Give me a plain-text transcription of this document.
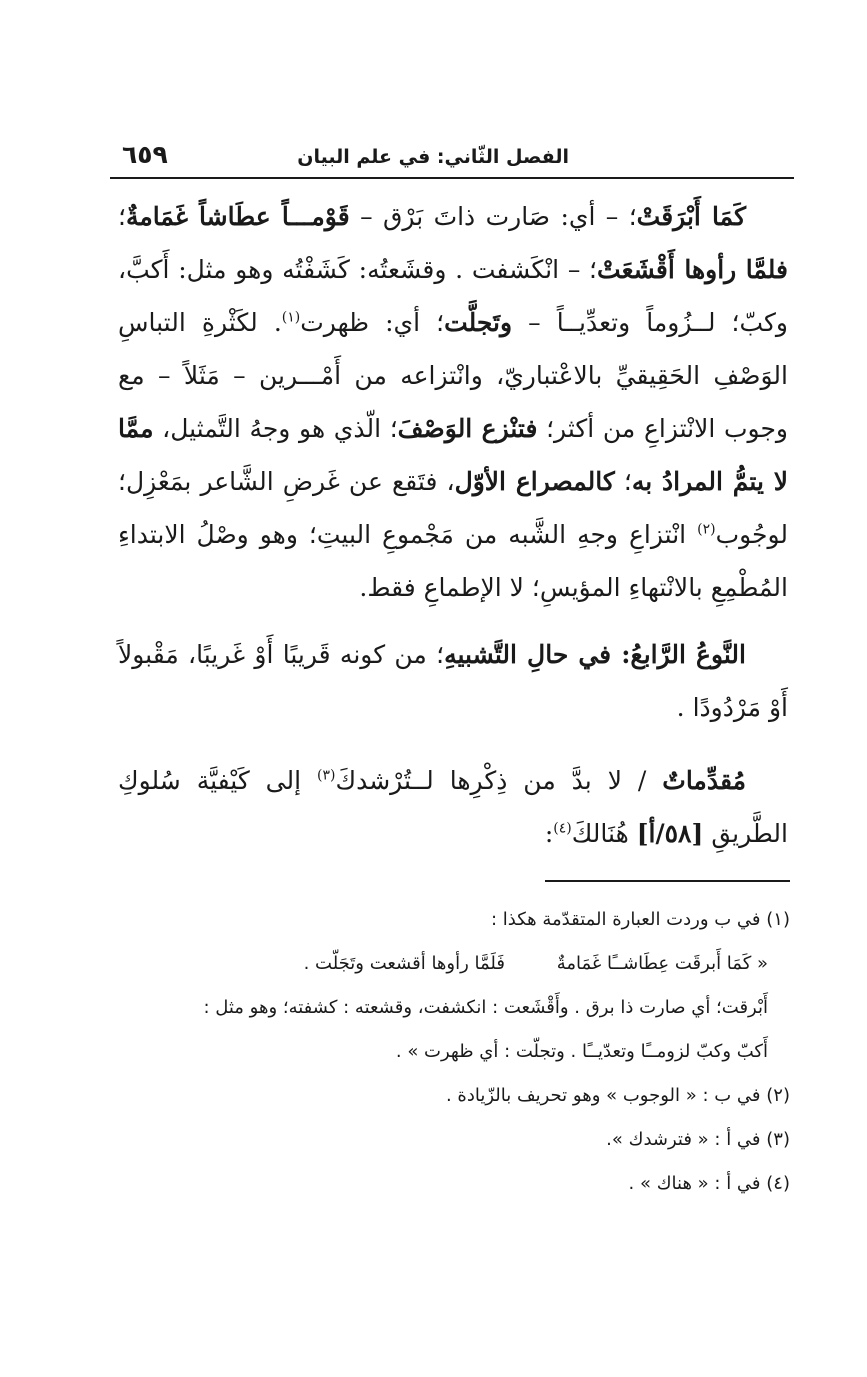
الفصل الثّاني: في علم البيان
٦٥٩

كَمَا أَبْرَقَتْ؛ – أي: صَارت ذاتَ بَرْق – قَوْمـــاً عطَاشاً غَمَامةٌ؛ فلمَّا رأوها أَقْشَعَتْ؛ – انْكَشفت . وقشَعتُه: كَشَفْتُه وهو مثل: أَكبَّ، وكبّ؛ لــزُوماً وتعدِّيــاً – وتَجلَّت؛ أي: ظهرت$^{(١)}$. لكَثْرةِ التباسِ الوَصْفِ الحَقِيقيِّ بالاعْتباريّ، وانْتزاعه من أَمْـــرين – مَثَلاً – مع وجوب الانْتزاعِ من أكثر؛ فتنْزع الوَصْفَ؛ الّذي هو وجهُ التَّمثيل، ممَّا لا يتمُّ المرادُ به؛ كالمصراع الأوّل، فتَقع عن غَرضِ الشَّاعر بمَعْزِل؛ لوجُوب$^{(٢)}$ انْتزاعِ وجهِ الشَّبه من مَجْموعِ البيتِ؛ وهو وصْلُ الابتداءِ المُطْمِعِ بالانْتهاءِ المؤيسِ؛ لا الإطماعِ فقط.

النَّوعُ الرَّابعُ: في حالِ التَّشبيهِ؛ من كونه قَريبًا أَوْ غَريبًا، مَقْبولاً أَوْ مَرْدُودًا .

مُقدِّماتٌ / لا بدَّ من ذِكْرِها لــتُرْشدكَ$^{(٣)}$ إلى كَيْفيَّة سُلوكِ الطَّريقِ[٥٨/أ] هُنَالكَ$^{(٤)}$:

(١) في ب وردت العبارة المتقدّمة هكذا :
« كَمَا أَبرقَت عِطَاشــًا غَمَامةٌ فَلَمَّا رأوها أقشعت وتَجَلّت .
أَبْرقت؛ أي صارت ذا برق . وأَقْشَعت : انكشفت، وقشعته : كشفته؛ وهو مثل :
أَكبّ وكبّ لزومــًا وتعدّيــًا . وتجلّت : أي ظهرت » .
(٢) في ب : « الوجوب » وهو تحريف بالزّيادة .
(٣) في أ : « فترشدك ».
(٤) في أ : « هناك » .
